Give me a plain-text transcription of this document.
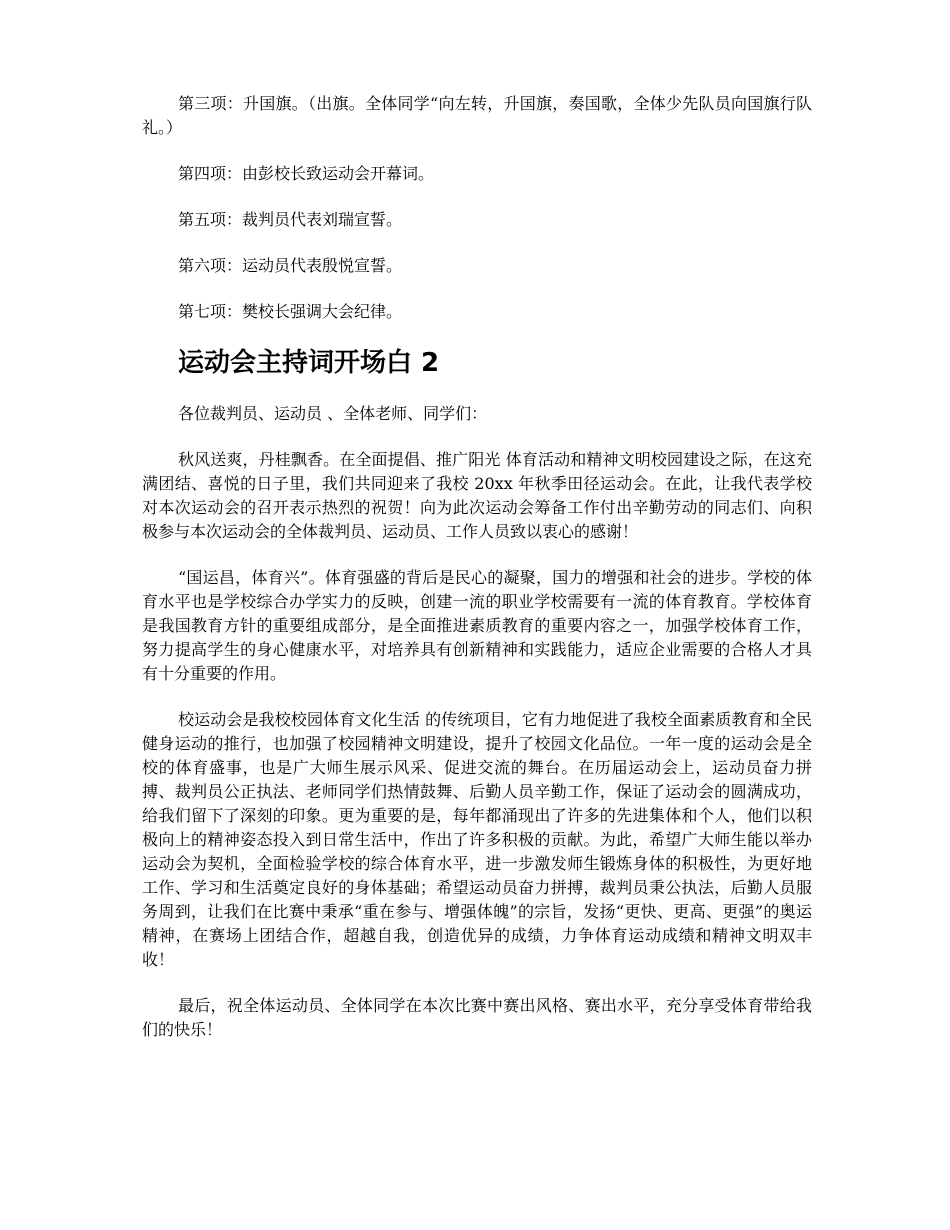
第三项：升国旗。（出旗。全体同学“向左转，升国旗，奏国歌，全体少先队员向国旗行队礼。）

第四项：由彭校长致运动会开幕词。

第五项：裁判员代表刘瑞宣誓。

第六项：运动员代表殷悦宣誓。

第七项：樊校长强调大会纪律。

运动会主持词开场白 2

各位裁判员、运动员 、全体老师、同学们：

秋风送爽，丹桂飘香。在全面提倡、推广阳光 体育活动和精神文明校园建设之际，在这充满团结、喜悦的日子里，我们共同迎来了我校 20xx 年秋季田径运动会。在此，让我代表学校 对本次运动会的召开表示热烈的祝贺！向为此次运动会筹备工作付出辛勤劳动的同志们、向积极参与本次运动会的全体裁判员、运动员、工作人员致以衷心的感谢！

“国运昌，体育兴”。体育强盛的背后是民心的凝聚，国力的增强和社会的进步。学校的体育水平也是学校综合办学实力的反映，创建一流的职业学校需要有一流的体育教育。学校体育是我国教育方针的重要组成部分，是全面推进素质教育的重要内容之一，加强学校体育工作，努力提高学生的身心健康水平，对培养具有创新精神和实践能力，适应企业需要的合格人才具有十分重要的作用。

校运动会是我校校园体育文化生活 的传统项目，它有力地促进了我校全面素质教育和全民健身运动的推行，也加强了校园精神文明建设，提升了校园文化品位。一年一度的运动会是全校的体育盛事，也是广大师生展示风采、促进交流的舞台。在历届运动会上，运动员奋力拼搏、裁判员公正执法、老师同学们热情鼓舞、后勤人员辛勤工作，保证了运动会的圆满成功，给我们留下了深刻的印象。更为重要的是，每年都涌现出了许多的先进集体和个人，他们以积极向上的精神姿态投入到日常生活中，作出了许多积极的贡献。为此，希望广大师生能以举办运动会为契机，全面检验学校的综合体育水平，进一步激发师生锻炼身体的积极性，为更好地工作、学习和生活奠定良好的身体基础；希望运动员奋力拼搏，裁判员秉公执法，后勤人员服务周到，让我们在比赛中秉承“重在参与、增强体魄”的宗旨，发扬“更快、更高、更强”的奥运精神，在赛场上团结合作，超越自我，创造优异的成绩，力争体育运动成绩和精神文明双丰收！

最后，祝全体运动员、全体同学在本次比赛中赛出风格、赛出水平，充分享受体育带给我们的快乐！
